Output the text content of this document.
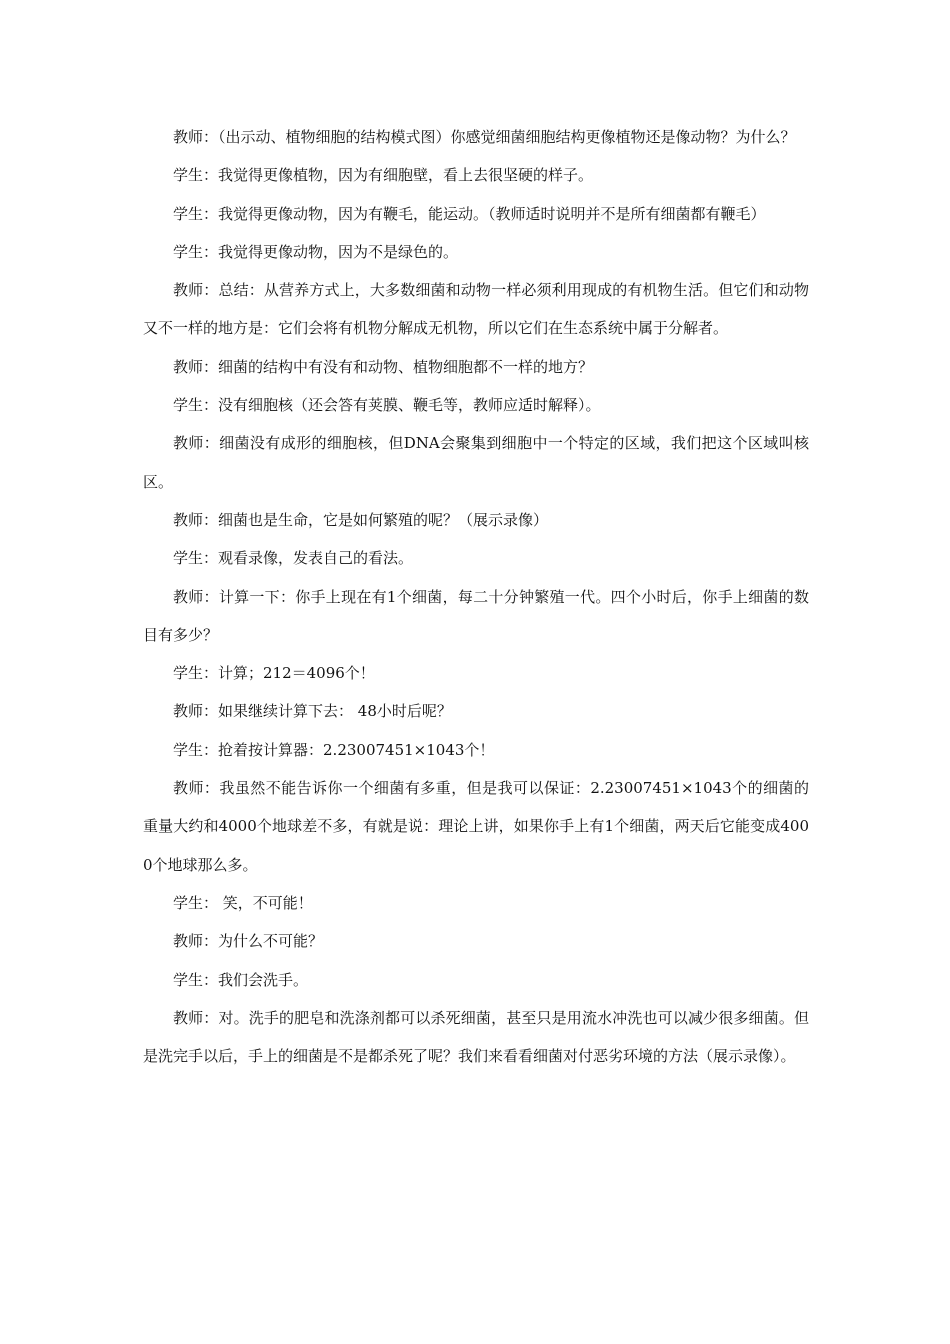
教师：（出示动、植物细胞的结构模式图）你感觉细菌细胞结构更像植物还是像动物？为什么？

学生：我觉得更像植物，因为有细胞壁，看上去很坚硬的样子。

学生：我觉得更像动物，因为有鞭毛，能运动。（教师适时说明并不是所有细菌都有鞭毛）

学生：我觉得更像动物，因为不是绿色的。

教师：总结：从营养方式上，大多数细菌和动物一样必须利用现成的有机物生活。但它们和动物又不一样的地方是：它们会将有机物分解成无机物，所以它们在生态系统中属于分解者。

教师：细菌的结构中有没有和动物、植物细胞都不一样的地方？

学生：没有细胞核（还会答有荚膜、鞭毛等，教师应适时解释）。

教师：细菌没有成形的细胞核，但DNA会聚集到细胞中一个特定的区域，我们把这个区域叫核区。

教师：细菌也是生命，它是如何繁殖的呢？（展示录像）

学生：观看录像，发表自己的看法。

教师：计算一下：你手上现在有1个细菌，每二十分钟繁殖一代。四个小时后，你手上细菌的数目有多少？

学生：计算；212＝4096个！

教师：如果继续计算下去： 48小时后呢？

学生：抢着按计算器：2.23007451×1043个！

教师：我虽然不能告诉你一个细菌有多重，但是我可以保证：2.23007451×1043个的细菌的重量大约和4000个地球差不多，有就是说：理论上讲，如果你手上有1个细菌，两天后它能变成4000个地球那么多。

学生： 笑，不可能！

教师：为什么不可能？

学生：我们会洗手。

教师：对。洗手的肥皂和洗涤剂都可以杀死细菌，甚至只是用流水冲洗也可以减少很多细菌。但是洗完手以后，手上的细菌是不是都杀死了呢？我们来看看细菌对付恶劣环境的方法（展示录像）。
